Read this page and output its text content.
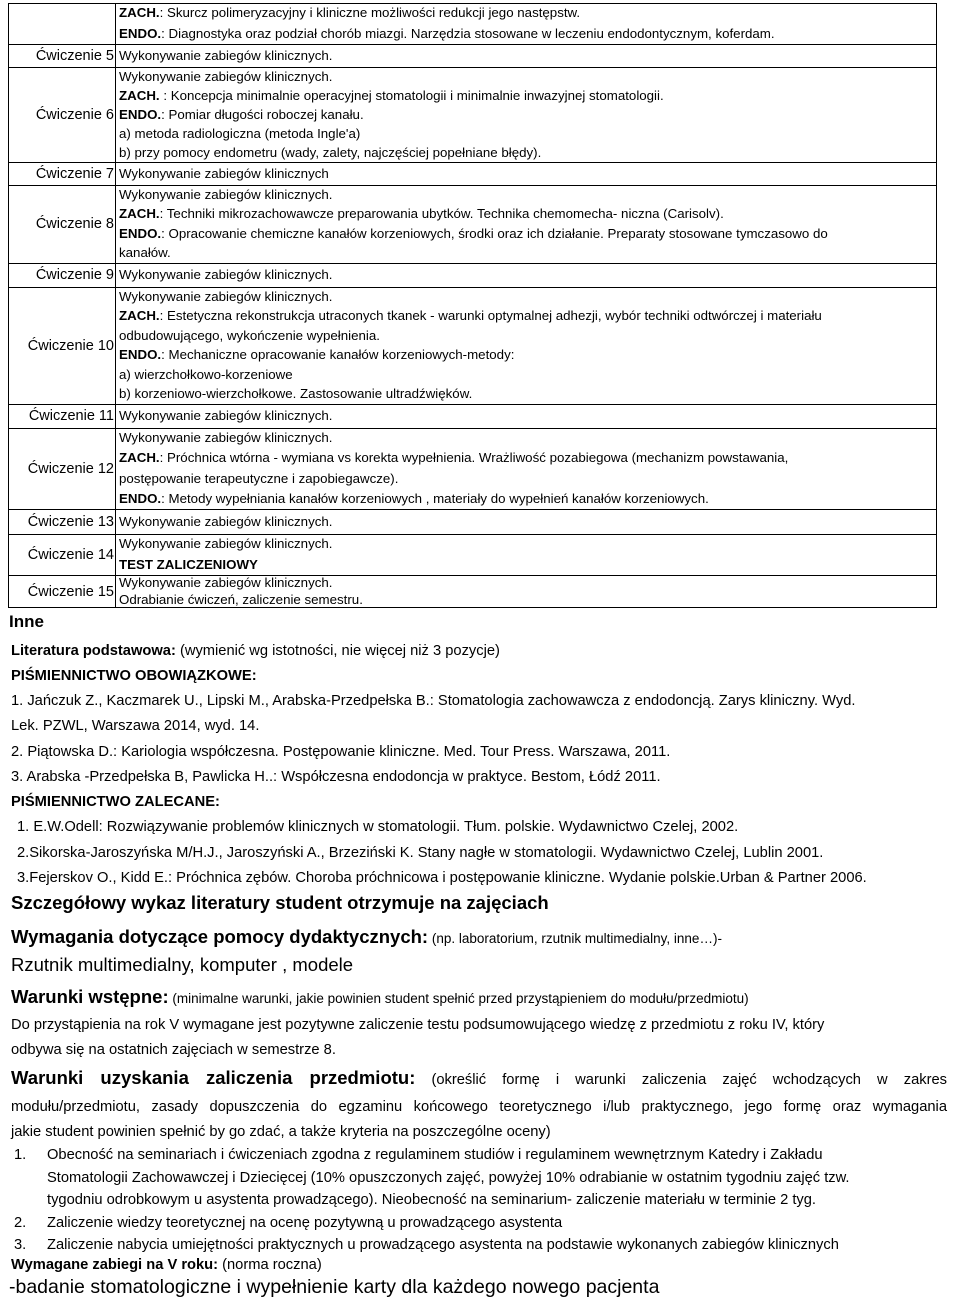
ZACH.: Skurcz polimeryzacyjny i kliniczne możliwości redukcji jego następstw.
ENDO.: Diagnostyka oraz podział chorób miazgi. Narzędzia stosowane w leczeniu endodontycznym, koferdam.
Ćwiczenie 5 Wykonywanie zabiegów klinicznych.
Ćwiczenie 6
Wykonywanie zabiegów klinicznych.
ZACH. : Koncepcja minimalnie operacyjnej stomatologii i minimalnie inwazyjnej stomatologii.
ENDO.: Pomiar długości roboczej kanału.
a) metoda radiologiczna (metoda Ingle'a)
b) przy pomocy endometru (wady, zalety, najczęściej popełniane błędy).
Ćwiczenie 7 Wykonywanie zabiegów klinicznych
Ćwiczenie 8
Wykonywanie zabiegów klinicznych.
ZACH.: Techniki mikrozachowawcze preparowania ubytków. Technika chemomecha- niczna (Carisolv).
ENDO.: Opracowanie chemiczne kanałów korzeniowych, środki oraz ich działanie. Preparaty stosowane tymczasowo do
kanałów.
Ćwiczenie 9 Wykonywanie zabiegów klinicznych.
Ćwiczenie 10
Wykonywanie zabiegów klinicznych.
ZACH.: Estetyczna rekonstrukcja utraconych tkanek - warunki optymalnej adhezji, wybór techniki odtwórczej i materiału
odbudowującego, wykończenie wypełnienia.
ENDO.: Mechaniczne opracowanie kanałów korzeniowych-metody:
a) wierzchołkowo-korzeniowe
b) korzeniowo-wierzchołkowe. Zastosowanie ultradźwięków.
Ćwiczenie 11 Wykonywanie zabiegów klinicznych.
Ćwiczenie 12
Wykonywanie zabiegów klinicznych.
ZACH.: Próchnica wtórna - wymiana vs korekta wypełnienia. Wrażliwość pozabiegowa (mechanizm powstawania,
postępowanie terapeutyczne i zapobiegawcze).
ENDO.: Metody wypełniania kanałów korzeniowych , materiały do wypełnień kanałów korzeniowych.
Ćwiczenie 13 Wykonywanie zabiegów klinicznych.
Ćwiczenie 14
Wykonywanie zabiegów klinicznych.
TEST ZALICZENIOWY
Ćwiczenie 15
Wykonywanie zabiegów klinicznych.
Odrabianie ćwiczeń, zaliczenie semestru.
Inne
Literatura podstawowa: (wymienić wg istotności, nie więcej niż 3 pozycje)
PIŚMIENNICTWO OBOWIĄZKOWE:
1. Jańczuk Z., Kaczmarek U., Lipski M., Arabska-Przedpełska B.: Stomatologia zachowawcza z endodoncją. Zarys kliniczny. Wyd.
Lek. PZWL, Warszawa 2014, wyd. 14.
2. Piątowska D.: Kariologia współczesna. Postępowanie kliniczne. Med. Tour Press. Warszawa, 2011.
3. Arabska -Przedpełska B, Pawlicka H..: Współczesna endodoncja w praktyce. Bestom, Łódź 2011.
PIŚMIENNICTWO ZALECANE:
1. E.W.Odell: Rozwiązywanie problemów klinicznych w stomatologii. Tłum. polskie. Wydawnictwo Czelej, 2002.
2.Sikorska-Jaroszyńska M/H.J., Jaroszyński A., Brzeziński K. Stany nagłe w stomatologii. Wydawnictwo Czelej, Lublin 2001.
3.Fejerskov O., Kidd E.: Próchnica zębów. Choroba próchnicowa i postępowanie kliniczne. Wydanie polskie.Urban & Partner 2006.
Szczegółowy wykaz literatury student otrzymuje na zajęciach
Wymagania dotyczące pomocy dydaktycznych: (np. laboratorium, rzutnik multimedialny, inne…)-
Rzutnik multimedialny, komputer , modele
Warunki wstępne: (minimalne warunki, jakie powinien student spełnić przed przystąpieniem do modułu/przedmiotu)
Do przystąpienia na rok V wymagane jest pozytywne zaliczenie testu podsumowującego wiedzę z przedmiotu z roku IV, który
odbywa się na ostatnich zajęciach w semestrze 8.
Warunki uzyskania zaliczenia przedmiotu: (określić formę i warunki zaliczenia zajęć wchodzących w zakres
modułu/przedmiotu, zasady dopuszczenia do egzaminu końcowego teoretycznego i/lub praktycznego, jego formę oraz wymagania
jakie student powinien spełnić by go zdać, a także kryteria na poszczególne oceny)
1. Obecność na seminariach i ćwiczeniach zgodna z regulaminem studiów i regulaminem wewnętrznym Katedry i Zakładu
Stomatologii Zachowawczej i Dziecięcej (10% opuszczonych zajęć, powyżej 10% odrabianie w ostatnim tygodniu zajęć tzw.
tygodniu odrobkowym u asystenta prowadzącego). Nieobecność na seminarium- zaliczenie materiału w terminie 2 tyg.
2. Zaliczenie wiedzy teoretycznej na ocenę pozytywną u prowadzącego asystenta
3. Zaliczenie nabycia umiejętności praktycznych u prowadzącego asystenta na podstawie wykonanych zabiegów klinicznych
Wymagane zabiegi na V roku: (norma roczna)
-badanie stomatologiczne i wypełnienie karty dla każdego nowego pacjenta
